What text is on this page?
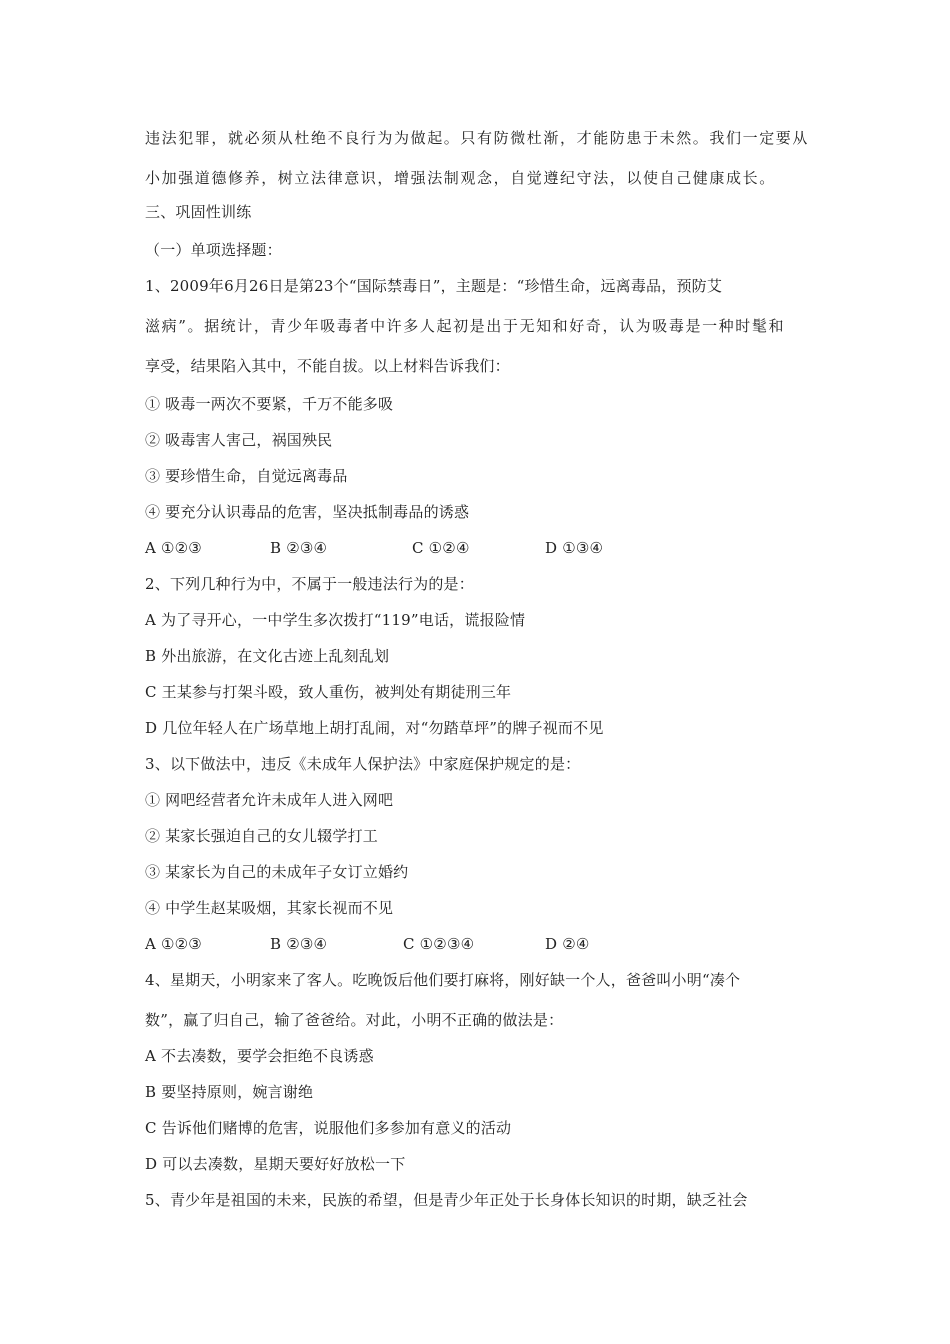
违法犯罪，就必须从杜绝不良行为为做起。只有防微杜渐，才能防患于未然。我们一定要从
小加强道德修养，树立法律意识，增强法制观念，自觉遵纪守法，以使自己健康成长。
三、巩固性训练
（一）单项选择题：
1、2009年6月26日是第23个“国际禁毒日”，主题是：“珍惜生命，远离毒品，预防艾
滋病”。据统计，青少年吸毒者中许多人起初是出于无知和好奇，认为吸毒是一种时髦和
享受，结果陷入其中，不能自拔。以上材料告诉我们：
① 吸毒一两次不要紧，千万不能多吸
② 吸毒害人害己，祸国殃民
③ 要珍惜生命，自觉远离毒品
④ 要充分认识毒品的危害，坚决抵制毒品的诱惑
A ①②③	B ②③④	C ①②④	D ①③④
2、下列几种行为中，不属于一般违法行为的是：
A 为了寻开心，一中学生多次拨打“119”电话，谎报险情
B 外出旅游，在文化古迹上乱刻乱划
C 王某参与打架斗殴，致人重伤，被判处有期徒刑三年
D 几位年轻人在广场草地上胡打乱闹，对“勿踏草坪”的牌子视而不见
3、以下做法中，违反《未成年人保护法》中家庭保护规定的是：
① 网吧经营者允许未成年人进入网吧
② 某家长强迫自己的女儿辍学打工
③ 某家长为自己的未成年子女订立婚约
④ 中学生赵某吸烟，其家长视而不见
A ①②③	B ②③④	C ①②③④	D ②④
4、星期天，小明家来了客人。吃晚饭后他们要打麻将，刚好缺一个人，爸爸叫小明“凑个
数”，赢了归自己，输了爸爸给。对此，小明不正确的做法是：
A 不去凑数，要学会拒绝不良诱惑
B 要坚持原则，婉言谢绝
C 告诉他们赌博的危害，说服他们多参加有意义的活动
D 可以去凑数，星期天要好好放松一下
5、青少年是祖国的未来，民族的希望，但是青少年正处于长身体长知识的时期，缺乏社会
